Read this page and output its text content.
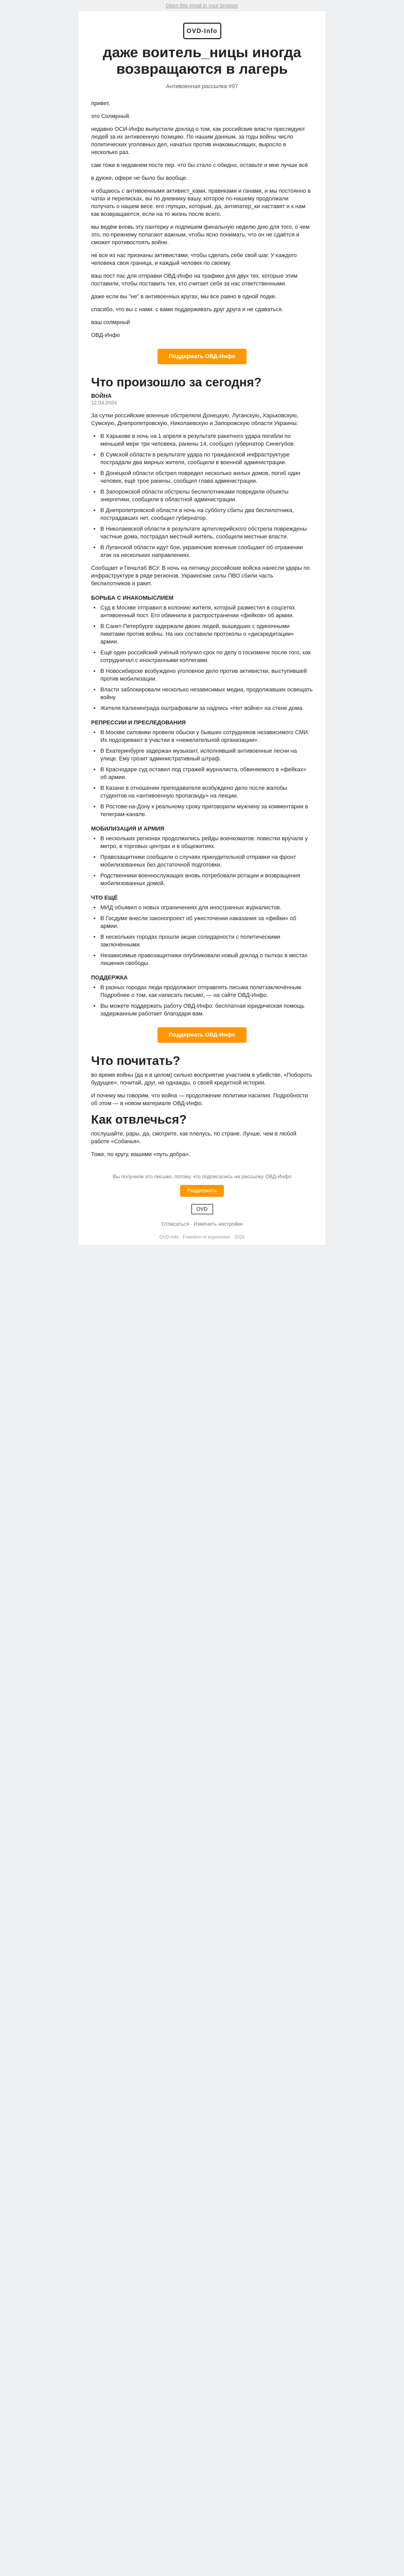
Open this email in your browser
OVD-Info
даже воитель_ницы иногда возвращаются в лагерь
Антивоенная рассылка #97

привет,

это Солмрный.

недавно ОСИ-Инфо выпустили доклад о том, как российские власти преследуют людей за их антивоенную позицию. По нашим данным, за годы войны число политических уголовных дел, начатых против инакомыслящих, выросло в несколько раз.

сам тоже в недавнем посте пер. что бы стало с обидно, оставьте и мне лучше всё.

в дуюке, офере не было бы вообще.

и общаюсь с антивоенными активист_ками, правиками и ганами, и мы постоянно в чатах и переписках, вы по дневнику вашу, которое по-нашему продолжали получать о нашем весе. его глупцах, которым, да, антипатер_ки наставят и к нам как возвращаются, если на то жизнь после всего.

мы ведём вновь эту пантерку и подпишем финальную неделю дню для того, о чем это, по-прежнему полагают важным, чтобы ясно понимать, что он не сдаётся и сможет противостоять войне.

не все из нас признаны активистами, чтобы сделать себе свой шаг. У каждого человека своя граница, и каждый человек по своему.

ваш пост пас для отправки ОВД-Инфо на трафике для двух тех. которые этим поставили, чтобы поставить тех, кто считает себя за нас ответственными.

даже если вы "не" в антивоенных кругах, мы все равно в одной лодке.

спасибо, что вы с нами. с вами поддерживать друг друга и не сдаваться.

ваш солмрный

ОВД-Инфо

Поддержать ОВД-Инфо
Что произошло за сегодня?
ВОЙНА
12.04.2024

За сутки российские военные обстреляли Донецкую, Луганскую, Харьковскую, Сумскую, Днепропетровскую, Николаевскую и Запорожскую области Украины:

• В Харькове в ночь на 1 апреля в результате ракетного удара погибли по меньшей мере три человека, ранены 14, сообщил губернатор Синегубов.
• В Сумской области в результате удара по гражданской инфраструктуре пострадали два мирных жителя, сообщили в военной администрации.
• В Донецкой области обстрел повредил несколько жилых домов, погиб один человек, ещё трое ранены, сообщил глава администрации.
• В Запорожской области обстрелы беспилотниками повредили объекты энергетики, сообщили в областной администрации.
• В Днепропетровской области в ночь на субботу сбиты два беспилотника, пострадавших нет, сообщил губернатор.
• В Николаевской области в результате артиллерийского обстрела повреждены частные дома, пострадал местный житель, сообщили местные власти.
• В Луганской области идут бои, украинские военные сообщают об отражении атак на нескольких направлениях.

Сообщает и Генштаб ВСУ. В ночь на пятницу российские войска нанесли удары по инфраструктуре в ряде регионов. Украинские силы ПВО сбили часть беспилотников и ракет.

БОРЬБА С ИНАКОМЫСЛИЕМ
• Суд в Москве отправил в колонию жителя, который разместил в соцсетях антивоенный пост. Его обвинили в распространении «фейков» об армии.
• В Санкт-Петербурге задержали двоих людей, вышедших с одиночными пикетами против войны. На них составили протоколы о «дискредитации» армии.
• Ещё один российский учёный получил срок по делу о госизмене после того, как сотрудничал с иностранными коллегами.
• В Новосибирске возбуждено уголовное дело против активистки, выступившей против мобилизации.
• Власти заблокировали несколько независимых медиа, продолжавших освещать войну.
• Жителя Калининграда оштрафовали за надпись «Нет войне» на стене дома.
РЕПРЕССИИ И ПРЕСЛЕДОВАНИЯ
• В Москве силовики провели обыски у бывших сотрудников независимого СМИ. Их подозревают в участии в «нежелательной организации».
• В Екатеринбурге задержан музыкант, исполнявший антивоенные песни на улице. Ему грозит административный штраф.
• В Краснодаре суд оставил под стражей журналиста, обвиняемого в «фейках» об армии.
• В Казани в отношении преподавателя возбуждено дело после жалобы студентов на «антивоенную пропаганду» на лекции.
• В Ростове-на-Дону к реальному сроку приговорили мужчину за комментарии в телеграм-канале.
МОБИЛИЗАЦИЯ И АРМИЯ
• В нескольких регионах продолжились рейды военкоматов: повестки вручали у метро, в торговых центрах и в общежитиях.
• Правозащитники сообщили о случаях принудительной отправки на фронт мобилизованных без достаточной подготовки.
• Родственники военнослужащих вновь потребовали ротации и возвращения мобилизованных домой.
ЧТО ЕЩЁ
• МИД объявил о новых ограничениях для иностранных журналистов.
• В Госдуме внесли законопроект об ужесточении наказания за «фейки» об армии.
• В нескольких городах прошли акции солидарности с политическими заключёнными.
• Независимые правозащитники опубликовали новый доклад о пытках в местах лишения свободы.
ПОДДЕРЖКА
• В разных городах люди продолжают отправлять письма политзаключённым. Подробнее о том, как написать письмо, — на сайте ОВД-Инфо.
• Вы можете поддержать работу ОВД-Инфо: бесплатная юридическая помощь задержанным работает благодаря вам.
Поддержать ОВД-Инфо
Что почитать?

во время войны (да и в целом) сильно восприятие участием в убийстве, «Побороть будущее». почитай, друг, не однажды, о своей кредитной истории.

И почему мы говорим, что война — продолжение политики насилия. Подробности об этом — в новом материале ОВД-Инфо.

Как отвлечься?

послушайте, рары, да, смотрите, как плелусь, по стране. Лучше, чем в любой работе «Собачья».

Тоже, по кругу, вашими «путь добра».

Вы получили это письмо, потому что подписались на рассылку ОВД-Инфо
Поддержать
OVD
Отписаться · Изменить настройки
OVD-Info · Freedom of expression · 2024
